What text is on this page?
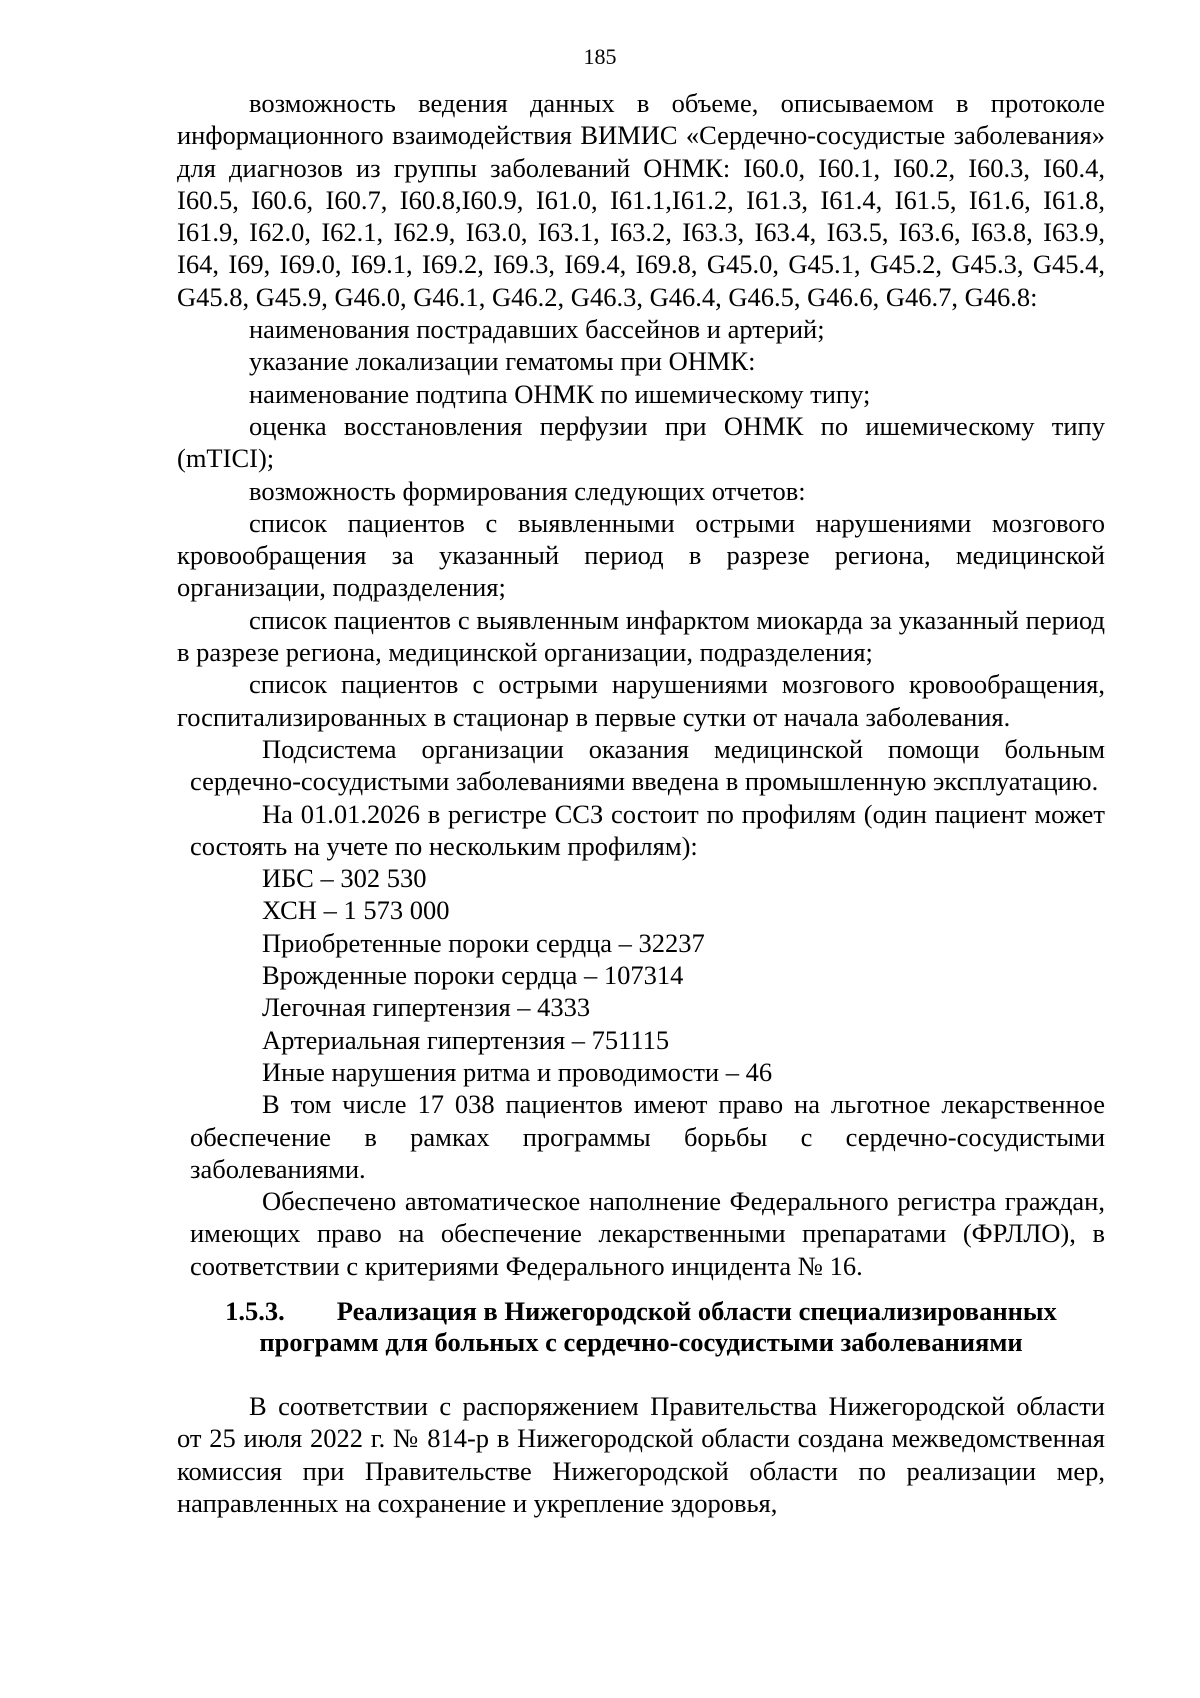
185

возможность ведения данных в объеме, описываемом в протоколе информационного взаимодействия ВИМИС «Сердечно-сосудистые заболевания» для диагнозов из группы заболеваний ОНМК: I60.0, I60.1, I60.2, I60.3, I60.4, I60.5, I60.6, I60.7, I60.8,I60.9, I61.0, I61.1,I61.2, I61.3, I61.4, I61.5, I61.6, I61.8, I61.9, I62.0, I62.1, I62.9, I63.0, I63.1, I63.2, I63.3, I63.4, I63.5, I63.6, I63.8, I63.9, I64, I69, I69.0, I69.1, I69.2, I69.3, I69.4, I69.8, G45.0, G45.1, G45.2, G45.3, G45.4, G45.8, G45.9, G46.0, G46.1, G46.2, G46.3, G46.4, G46.5, G46.6, G46.7, G46.8:

наименования пострадавших бассейнов и артерий;

указание локализации гематомы при ОНМК:

наименование подтипа ОНМК по ишемическому типу;

оценка восстановления перфузии при ОНМК по ишемическому типу (mTICI);

возможность формирования следующих отчетов:

список пациентов с выявленными острыми нарушениями мозгового кровообращения за указанный период в разрезе региона, медицинской организации, подразделения;

список пациентов с выявленным инфарктом миокарда за указанный период в разрезе региона, медицинской организации, подразделения;

список пациентов с острыми нарушениями мозгового кровообращения, госпитализированных в стационар в первые сутки от начала заболевания.

Подсистема организации оказания медицинской помощи больным сердечно-сосудистыми заболеваниями введена в промышленную эксплуатацию.

На 01.01.2026 в регистре ССЗ состоит по профилям (один пациент может состоять на учете по нескольким профилям):

ИБС – 302 530

ХСН – 1 573 000

Приобретенные пороки сердца – 32237

Врожденные пороки сердца – 107314

Легочная гипертензия – 4333

Артериальная гипертензия – 751115

Иные нарушения ритма и проводимости – 46

В том числе 17 038 пациентов имеют право на льготное лекарственное обеспечение в рамках программы борьбы с сердечно-сосудистыми заболеваниями.

Обеспечено автоматическое наполнение Федерального регистра граждан, имеющих право на обеспечение лекарственными препаратами (ФРЛЛО), в соответствии с критериями Федерального инцидента № 16.

1.5.3. Реализация в Нижегородской области специализированных
программ для больных с сердечно-сосудистыми заболеваниями

В соответствии с распоряжением Правительства Нижегородской области от 25 июля 2022 г. № 814-р в Нижегородской области создана межведомственная комиссия при Правительстве Нижегородской области по реализации мер, направленных на сохранение и укрепление здоровья,
